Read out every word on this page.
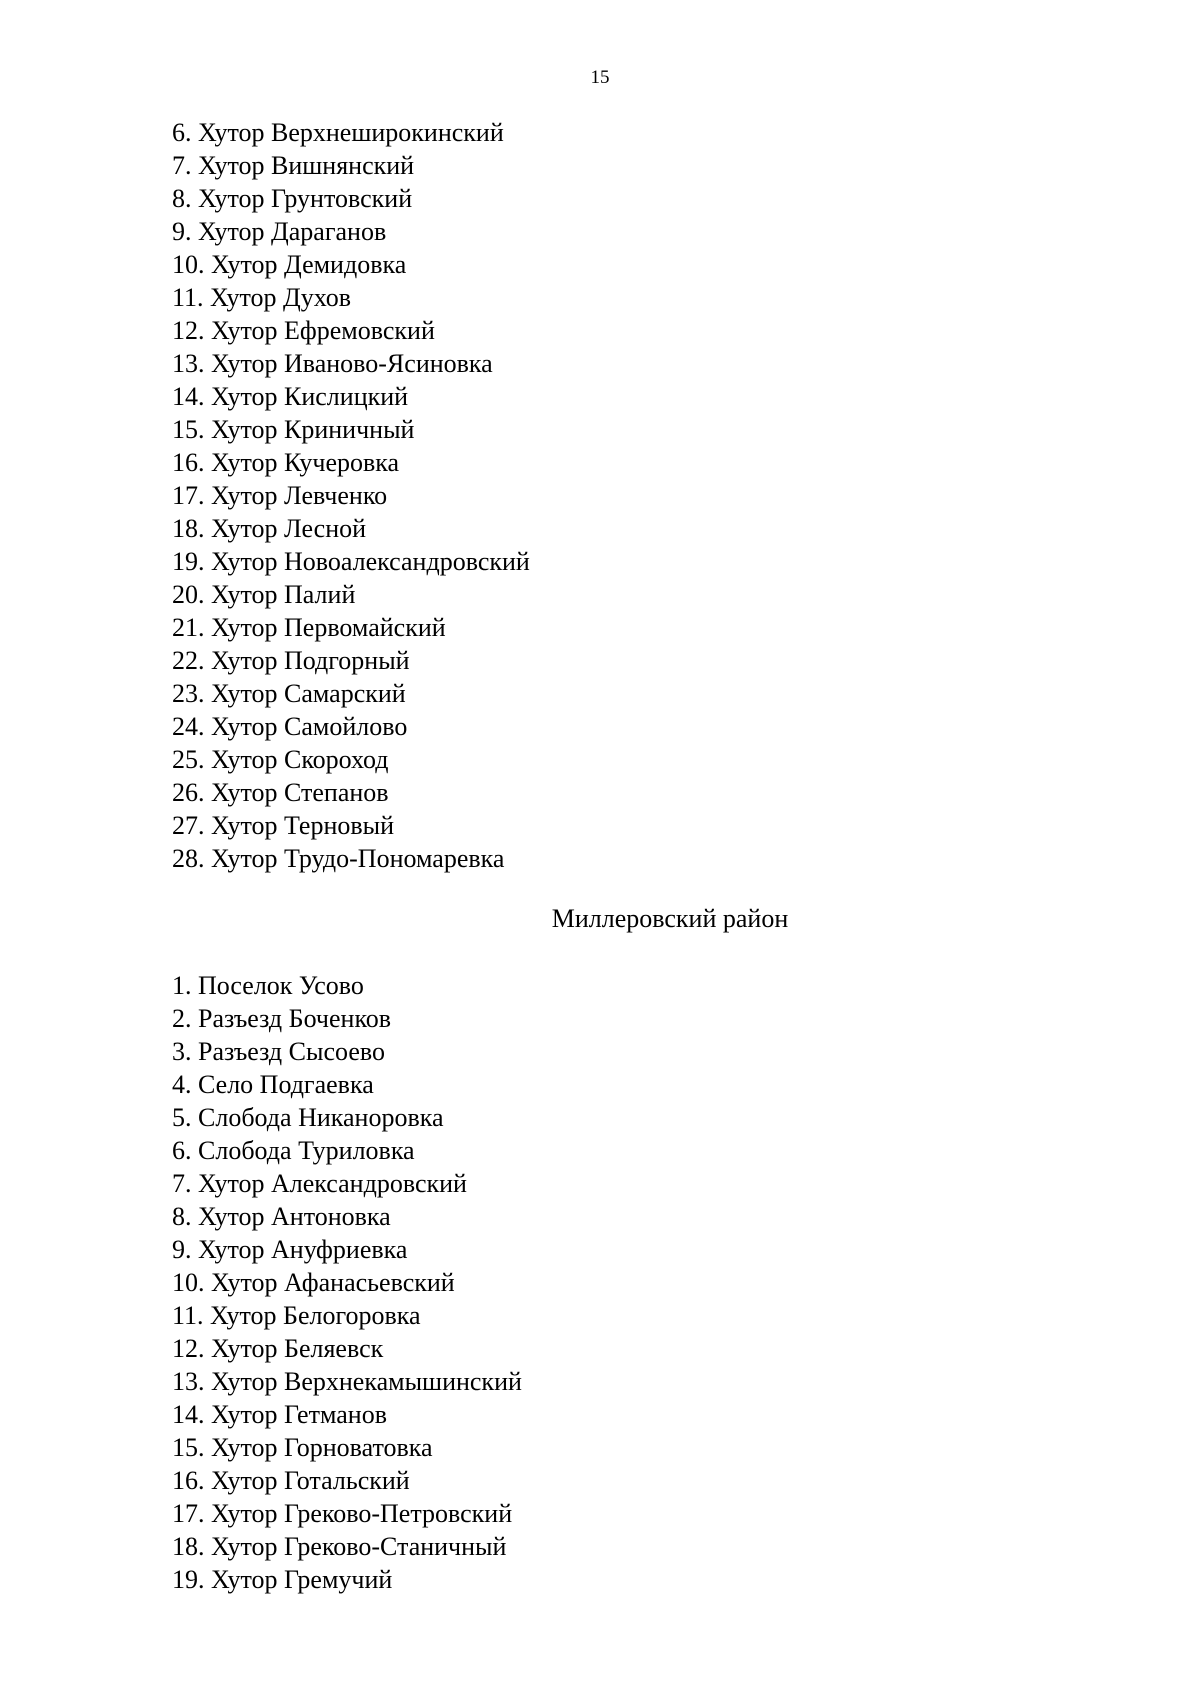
15
6. Хутор Верхнеширокинский
7. Хутор Вишнянский
8. Хутор Грунтовский
9. Хутор Дараганов
10. Хутор Демидовка
11. Хутор Духов
12. Хутор Ефремовский
13. Хутор Иваново-Ясиновка
14. Хутор Кислицкий
15. Хутор Криничный
16. Хутор Кучеровка
17. Хутор Левченко
18. Хутор Лесной
19. Хутор Новоалександровский
20. Хутор Палий
21. Хутор Первомайский
22. Хутор Подгорный
23. Хутор Самарский
24. Хутор Самойлово
25. Хутор Скороход
26. Хутор Степанов
27. Хутор Терновый
28. Хутор Трудо-Пономаревка
Миллеровский район
1. Поселок Усово
2. Разъезд Боченков
3. Разъезд Сысоево
4. Село Подгаевка
5. Слобода Никаноровка
6. Слобода Туриловка
7. Хутор Александровский
8. Хутор Антоновка
9. Хутор Ануфриевка
10. Хутор Афанасьевский
11. Хутор Белогоровка
12. Хутор Беляевск
13. Хутор Верхнекамышинский
14. Хутор Гетманов
15. Хутор Горноватовка
16. Хутор Готальский
17. Хутор Греково-Петровский
18. Хутор Греково-Станичный
19. Хутор Гремучий
